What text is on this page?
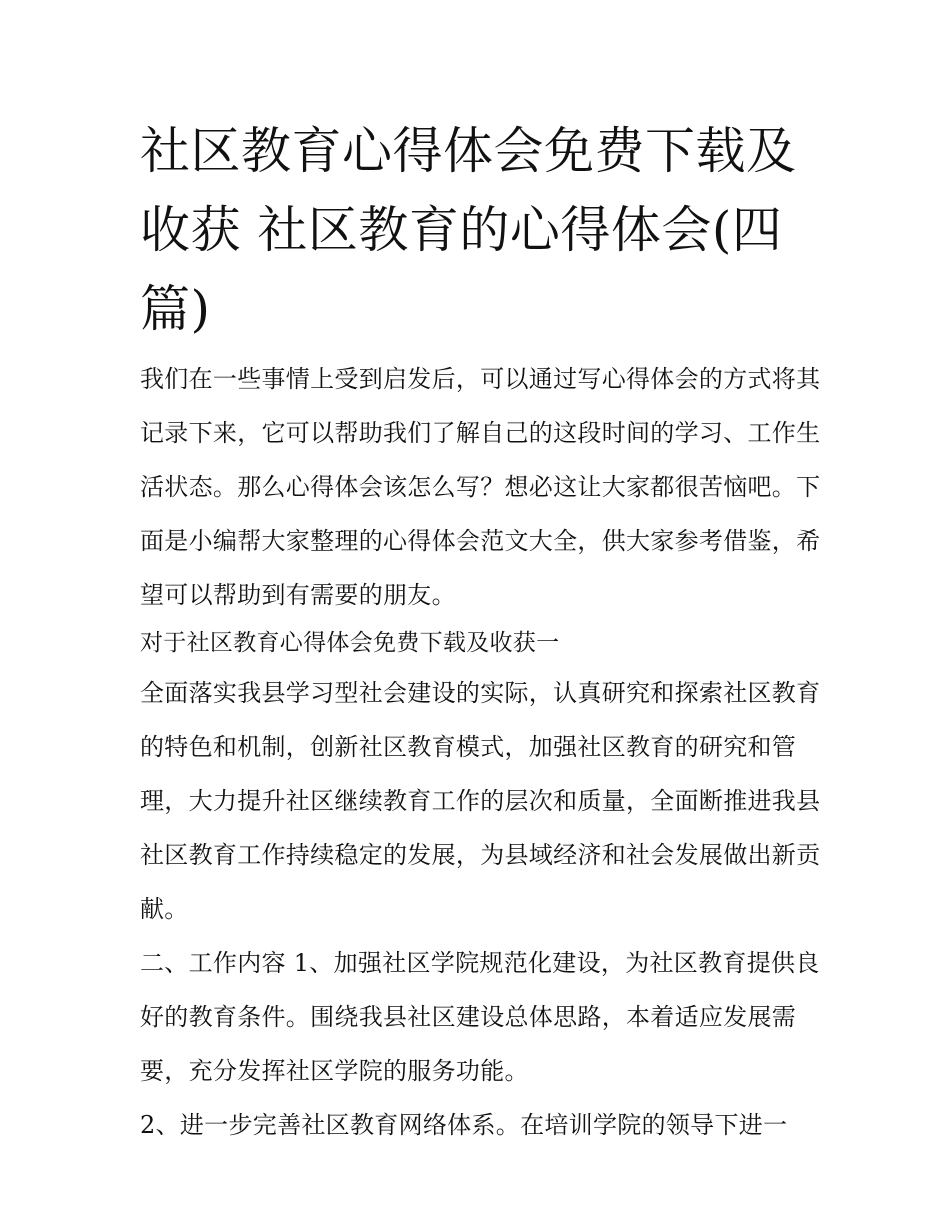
社区教育心得体会免费下载及收获 社区教育的心得体会(四篇)

我们在一些事情上受到启发后，可以通过写心得体会的方式将其记录下来，它可以帮助我们了解自己的这段时间的学习、工作生活状态。那么心得体会该怎么写？想必这让大家都很苦恼吧。下面是小编帮大家整理的心得体会范文大全，供大家参考借鉴，希望可以帮助到有需要的朋友。

对于社区教育心得体会免费下载及收获一

全面落实我县学习型社会建设的实际，认真研究和探索社区教育的特色和机制，创新社区教育模式，加强社区教育的研究和管理，大力提升社区继续教育工作的层次和质量，全面断推进我县社区教育工作持续稳定的发展，为县域经济和社会发展做出新贡献。

二、工作内容 1、加强社区学院规范化建设，为社区教育提供良好的教育条件。围绕我县社区建设总体思路，本着适应发展需要，充分发挥社区学院的服务功能。

2、进一步完善社区教育网络体系。在培训学院的领导下进一
